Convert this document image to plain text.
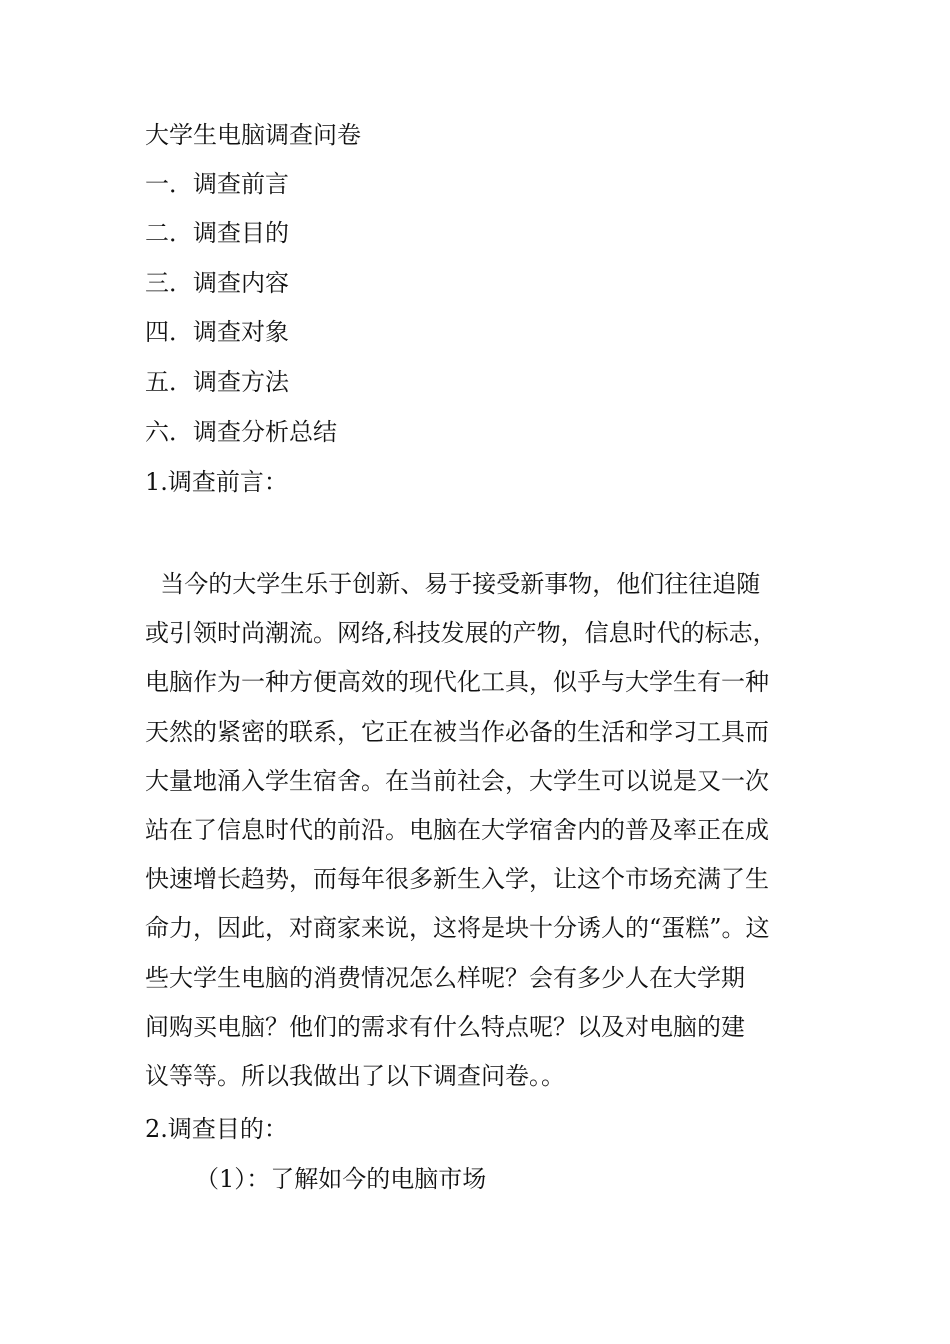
大学生电脑调查问卷
一．调查前言
二．调查目的
三．调查内容
四．调查对象
五．调查方法
六．调查分析总结
1.调查前言：
当今的大学生乐于创新、易于接受新事物，他们往往追随
或引领时尚潮流。网络,科技发展的产物，信息时代的标志，
电脑作为一种方便高效的现代化工具，似乎与大学生有一种
天然的紧密的联系，它正在被当作必备的生活和学习工具而
大量地涌入学生宿舍。在当前社会，大学生可以说是又一次
站在了信息时代的前沿。电脑在大学宿舍内的普及率正在成
快速增长趋势，而每年很多新生入学，让这个市场充满了生
命力，因此，对商家来说，这将是块十分诱人的“蛋糕”。这
些大学生电脑的消费情况怎么样呢？会有多少人在大学期
间购买电脑？他们的需求有什么特点呢？以及对电脑的建
议等等。所以我做出了以下调查问卷。。
2.调查目的：
（1）：了解如今的电脑市场
